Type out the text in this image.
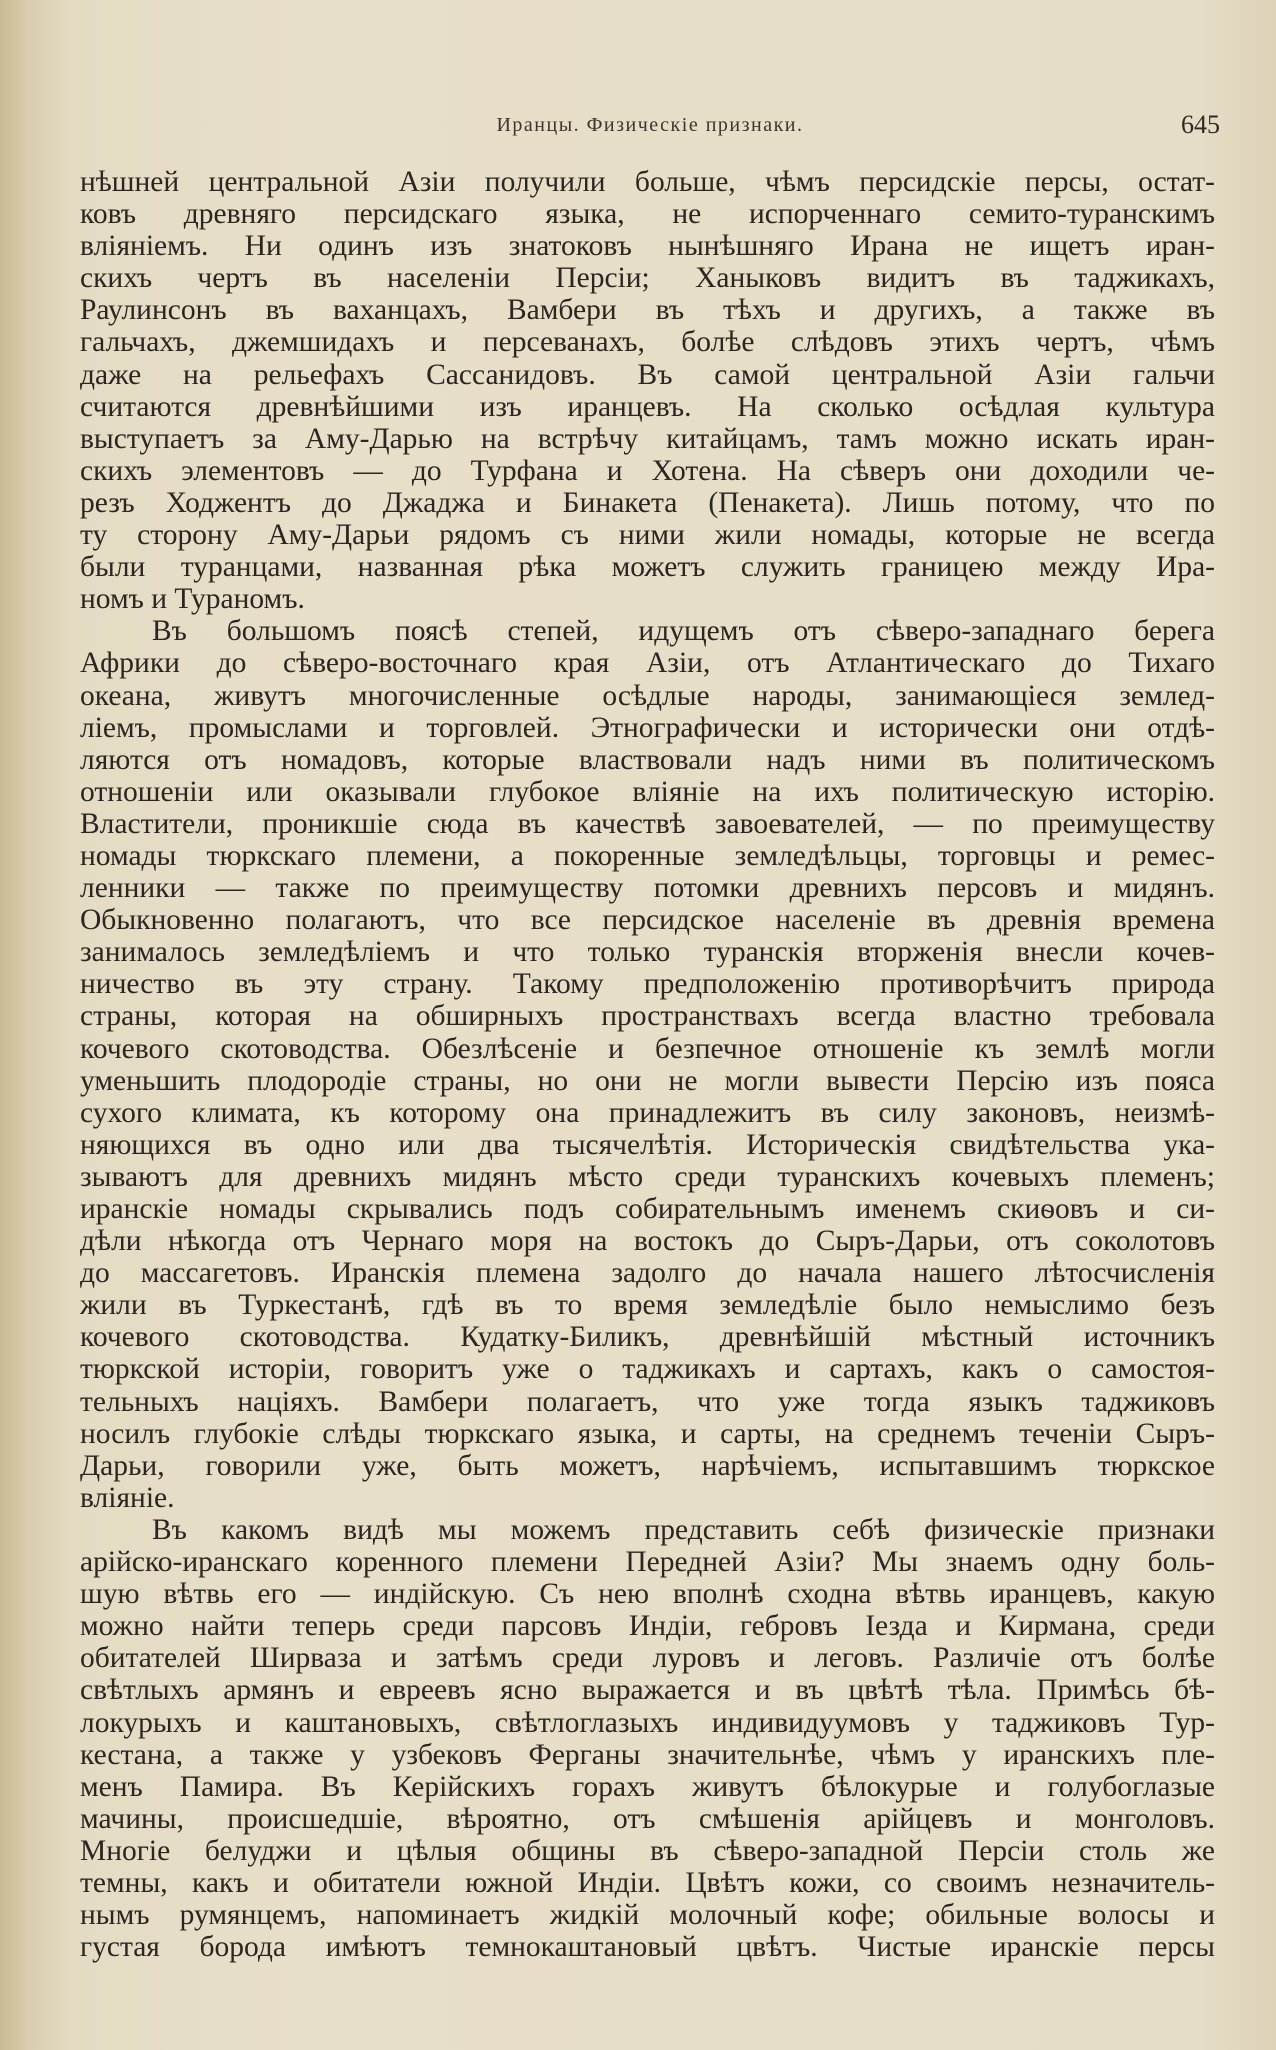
Иранцы. Физическіе признаки.	645
нѣшней центральной Азіи получили больше, чѣмъ персидскіе персы, остат-
ковъ древняго персидскаго языка, не испорченнаго семито-туранскимъ
вліяніемъ. Ни одинъ изъ знатоковъ нынѣшняго Ирана не ищетъ иран-
скихъ чертъ въ населеніи Персіи; Ханыковъ видитъ въ таджикахъ,
Раулинсонъ въ ваханцахъ, Вамбери въ тѣхъ и другихъ, а также въ
гальчахъ, джемшидахъ и персеванахъ, болѣе слѣдовъ этихъ чертъ, чѣмъ
даже на рельефахъ Сассанидовъ. Въ самой центральной Азіи гальчи
считаются древнѣйшими изъ иранцевъ. На сколько осѣдлая культура
выступаетъ за Аму-Дарью на встрѣчу китайцамъ, тамъ можно искать иран-
скихъ элементовъ — до Турфана и Хотена. На сѣверъ они доходили че-
резъ Ходжентъ до Джаджа и Бинакета (Пенакета). Лишь потому, что по
ту сторону Аму-Дарьи рядомъ съ ними жили номады, которые не всегда
были туранцами, названная рѣка можетъ служить границею между Ира-
номъ и Тураномъ.
Въ большомъ поясѣ степей, идущемъ отъ сѣверо-западнаго берега
Африки до сѣверо-восточнаго края Азіи, отъ Атлантическаго до Тихаго
океана, живутъ многочисленные осѣдлые народы, занимающіеся землед-
ліемъ, промыслами и торговлей. Этнографически и исторически они отдѣ-
ляются отъ номадовъ, которые властвовали надъ ними въ политическомъ
отношеніи или оказывали глубокое вліяніе на ихъ политическую исторію.
Властители, проникшіе сюда въ качествѣ завоевателей, — по преимуществу
номады тюркскаго племени, а покоренные земледѣльцы, торговцы и ремес-
ленники — также по преимуществу потомки древнихъ персовъ и мидянъ.
Обыкновенно полагаютъ, что все персидское населеніе въ древнія времена
занималось земледѣліемъ и что только туранскія вторженія внесли кочев-
ничество въ эту страну. Такому предположенію противорѣчитъ природа
страны, которая на обширныхъ пространствахъ всегда властно требовала
кочевого скотоводства. Обезлѣсеніе и безпечное отношеніе къ землѣ могли
уменьшить плодородіе страны, но они не могли вывести Персію изъ пояса
сухого климата, къ которому она принадлежитъ въ силу законовъ, неизмѣ-
няющихся въ одно или два тысячелѣтія. Историческія свидѣтельства ука-
зываютъ для древнихъ мидянъ мѣсто среди туранскихъ кочевыхъ племенъ;
иранскіе номады скрывались подъ собирательнымъ именемъ скиѳовъ и си-
дѣли нѣкогда отъ Чернаго моря на востокъ до Сыръ-Дарьи, отъ соколотовъ
до массагетовъ. Иранскія племена задолго до начала нашего лѣтосчисленія
жили въ Туркестанѣ, гдѣ въ то время земледѣліе было немыслимо безъ
кочевого скотоводства. Кудатку-Биликъ, древнѣйшій мѣстный источникъ
тюркской исторіи, говоритъ уже о таджикахъ и сартахъ, какъ о самостоя-
тельныхъ націяхъ. Вамбери полагаетъ, что уже тогда языкъ таджиковъ
носилъ глубокіе слѣды тюркскаго языка, и сарты, на среднемъ теченіи Сыръ-
Дарьи, говорили уже, быть можетъ, нарѣчіемъ, испытавшимъ тюркское
вліяніе.
Въ какомъ видѣ мы можемъ представить себѣ физическіе признаки
арійско-иранскаго коренного племени Передней Азіи? Мы знаемъ одну боль-
шую вѣтвь его — индійскую. Съ нею вполнѣ сходна вѣтвь иранцевъ, какую
можно найти теперь среди парсовъ Индіи, гебровъ Іезда и Кирмана, среди
обитателей Ширваза и затѣмъ среди луровъ и леговъ. Различіе отъ болѣе
свѣтлыхъ армянъ и евреевъ ясно выражается и въ цвѣтѣ тѣла. Примѣсь бѣ-
локурыхъ и каштановыхъ, свѣтлоглазыхъ индивидуумовъ у таджиковъ Тур-
кестана, а также у узбековъ Ферганы значительнѣе, чѣмъ у иранскихъ пле-
менъ Памира. Въ Керійскихъ горахъ живутъ бѣлокурые и голубоглазые
мачины, происшедшіе, вѣроятно, отъ смѣшенія арійцевъ и монголовъ.
Многіе белуджи и цѣлыя общины въ сѣверо-западной Персіи столь же
темны, какъ и обитатели южной Индіи. Цвѣтъ кожи, со своимъ незначитель-
нымъ румянцемъ, напоминаетъ жидкій молочный кофе; обильные волосы и
густая борода имѣютъ темнокаштановый цвѣтъ. Чистые иранскіе персы
